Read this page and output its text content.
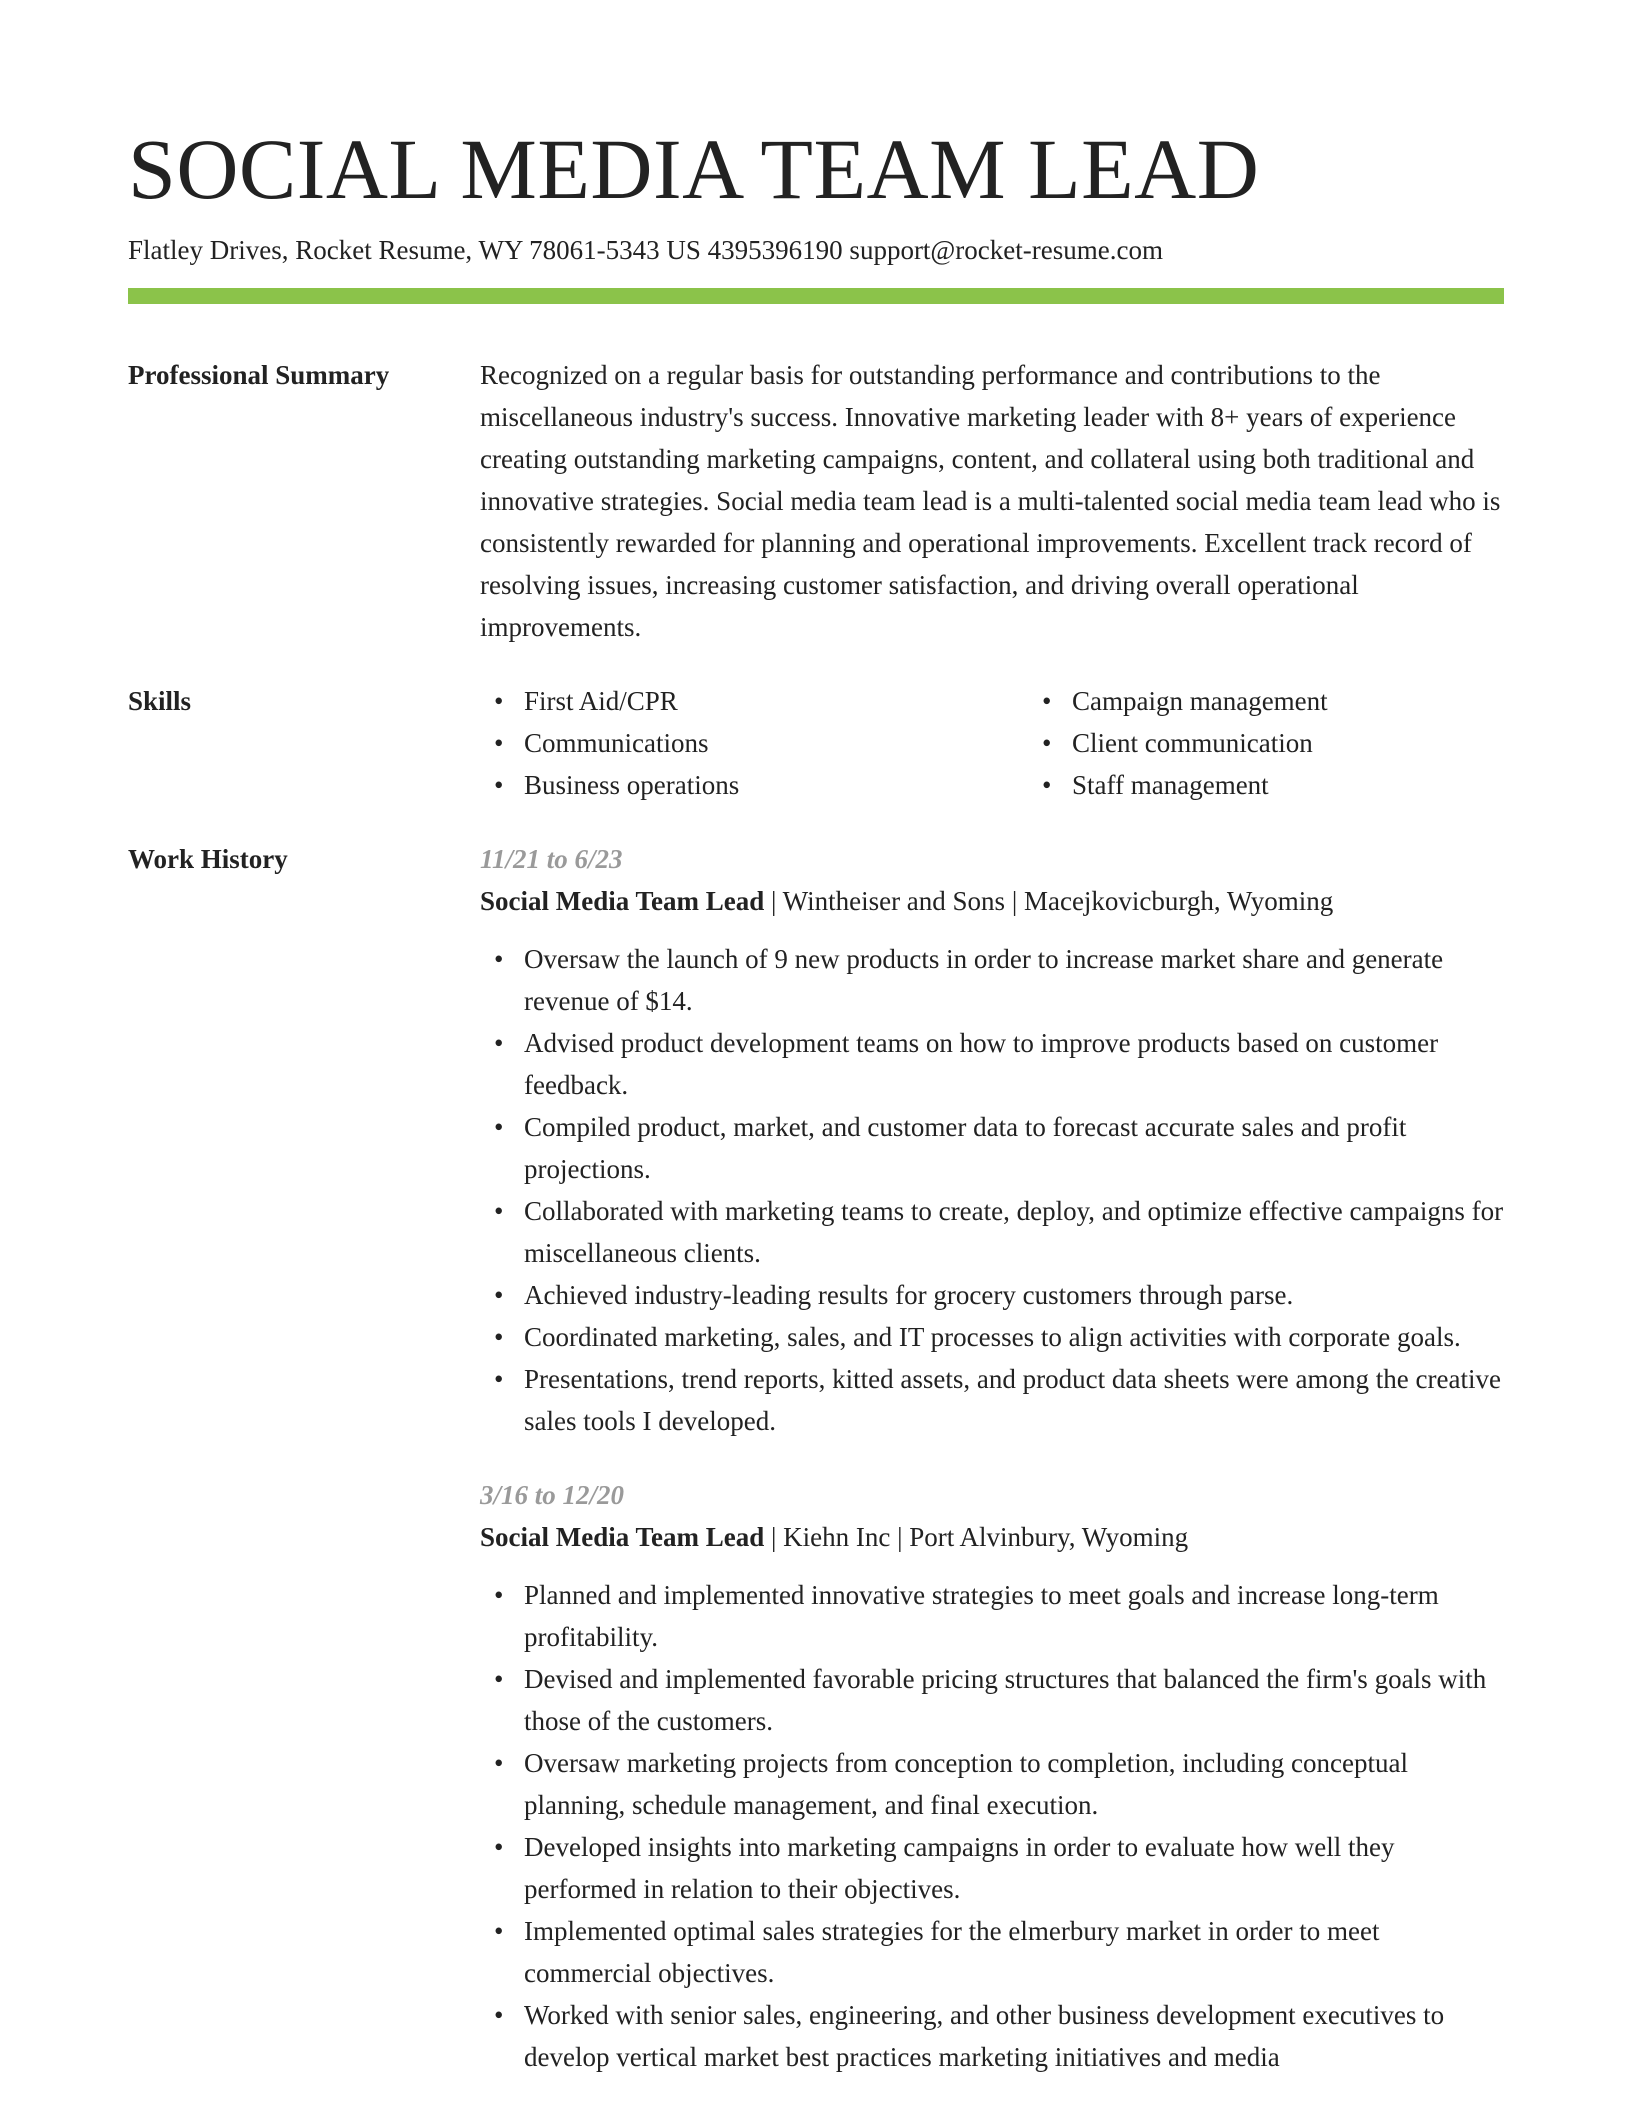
SOCIAL MEDIA TEAM LEAD
Flatley Drives, Rocket Resume, WY 78061-5343 US 4395396190 support@rocket-resume.com
Professional Summary	Recognized on a regular basis for outstanding performance and contributions to the miscellaneous industry's success. Innovative marketing leader with 8+ years of experience creating outstanding marketing campaigns, content, and collateral using both traditional and innovative strategies. Social media team lead is a multi-talented social media team lead who is consistently rewarded for planning and operational improvements. Excellent track record of resolving issues, increasing customer satisfaction, and driving overall operational improvements.
Skills
•	First Aid/CPR
• Communications
• Business operations
• Campaign management
• Client communication
• Staff management
Work History	11/21 to 6/23
Social Media Team Lead | Wintheiser and Sons | Macejkovicburgh, Wyoming
• Oversaw the launch of 9 new products in order to increase market share and generate revenue of $14.
• Advised product development teams on how to improve products based on customer feedback.
• Compiled product, market, and customer data to forecast accurate sales and profit projections.
• Collaborated with marketing teams to create, deploy, and optimize effective campaigns for miscellaneous clients.
• Achieved industry-leading results for grocery customers through parse.
• Coordinated marketing, sales, and IT processes to align activities with corporate goals.
• Presentations, trend reports, kitted assets, and product data sheets were among the creative sales tools I developed.
3/16 to 12/20
Social Media Team Lead | Kiehn Inc | Port Alvinbury, Wyoming
• Planned and implemented innovative strategies to meet goals and increase long-term profitability.
• Devised and implemented favorable pricing structures that balanced the firm's goals with those of the customers.
• Oversaw marketing projects from conception to completion, including conceptual planning, schedule management, and final execution.
• Developed insights into marketing campaigns in order to evaluate how well they performed in relation to their objectives.
• Implemented optimal sales strategies for the elmerbury market in order to meet commercial objectives.
• Worked with senior sales, engineering, and other business development executives to develop vertical market best practices marketing initiatives and media
